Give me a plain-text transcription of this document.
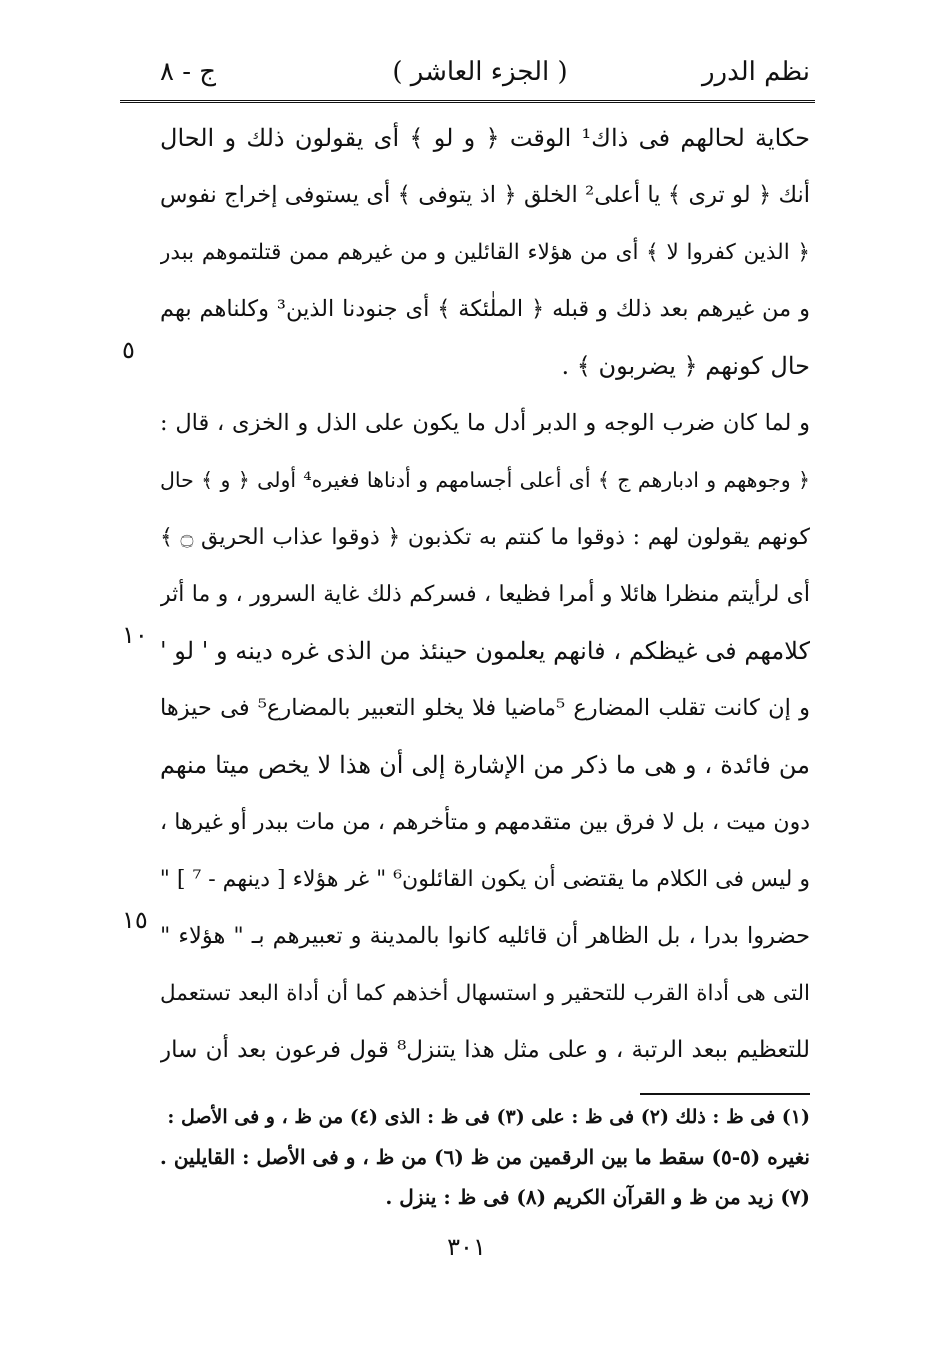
نظم الدرر
( الجزء العاشر )
ج - ٨
حكاية لحالهم فى ذاك¹ الوقت ﴿ و لو ﴾ أى يقولون ذلك و الحال
أنك ﴿ لو ترى ﴾ يا أعلى² الخلق ﴿ اذ يتوفى ﴾ أى يستوفى إخراج نفوس
﴿ الذين كفروا لا ﴾ أى من هؤلاء القائلين و من غيرهم ممن قتلتموهم ببدر
و من غيرهم بعد ذلك و قبله ﴿ الملٰئكة ﴾ أى جنودنا الذين³ وكلناهم بهم
حال كونهم ﴿ يضربون ﴾ .
و لما كان ضرب الوجه و الدبر أدل ما يكون على الذل و الخزى ، قال :
﴿ وجوههم و ادبارهم ج ﴾ أى أعلى أجسامهم و أدناها فغيره⁴ أولى ﴿ و ﴾ حال
كونهم يقولون لهم : ذوقوا ما كنتم به تكذبون ﴿ ذوقوا عذاب الحريق ۝ ﴾
أى لرأيتم منظرا هائلا و أمرا فظيعا ، فسركم ذلك غاية السرور ، و ما أثر
كلامهم فى غيظكم ، فانهم يعلمون حينئذ من الذى غره دينه و ' لو '
و إن كانت تقلب المضارع ⁵ماضيا فلا يخلو التعبير بالمضارع⁵ فى حيزها
من فائدة ، و هى ما ذكر من الإشارة إلى أن هذا لا يخص ميتا منهم
دون ميت ، بل لا فرق بين متقدمهم و متأخرهم ، من مات ببدر أو غيرها ،
و ليس فى الكلام ما يقتضى أن يكون القائلون⁶ " غر هؤلاء [ دينهم - ⁷ ] "
حضروا بدرا ، بل الظاهر أن قائليه كانوا بالمدينة و تعبيرهم بـ " هؤلاء "
التى هى أداة القرب للتحقير و استسهال أخذهم كما أن أداة البعد تستعمل
للتعظيم ببعد الرتبة ، و على مثل هذا يتنزل⁸ قول فرعون بعد أن سار
٥
١٠
١٥
(١) فى ظ : ذلك (٢) فى ظ : على (٣) فى ظ : الذى (٤) من ظ ، و فى الأصل :
نغيره (٥-٥) سقط ما بين الرقمين من ظ (٦) من ظ ، و فى الأصل : القايلين .
(٧) زيد من ظ و القرآن الكريم (٨) فى ظ : ينزل .
٣٠١
